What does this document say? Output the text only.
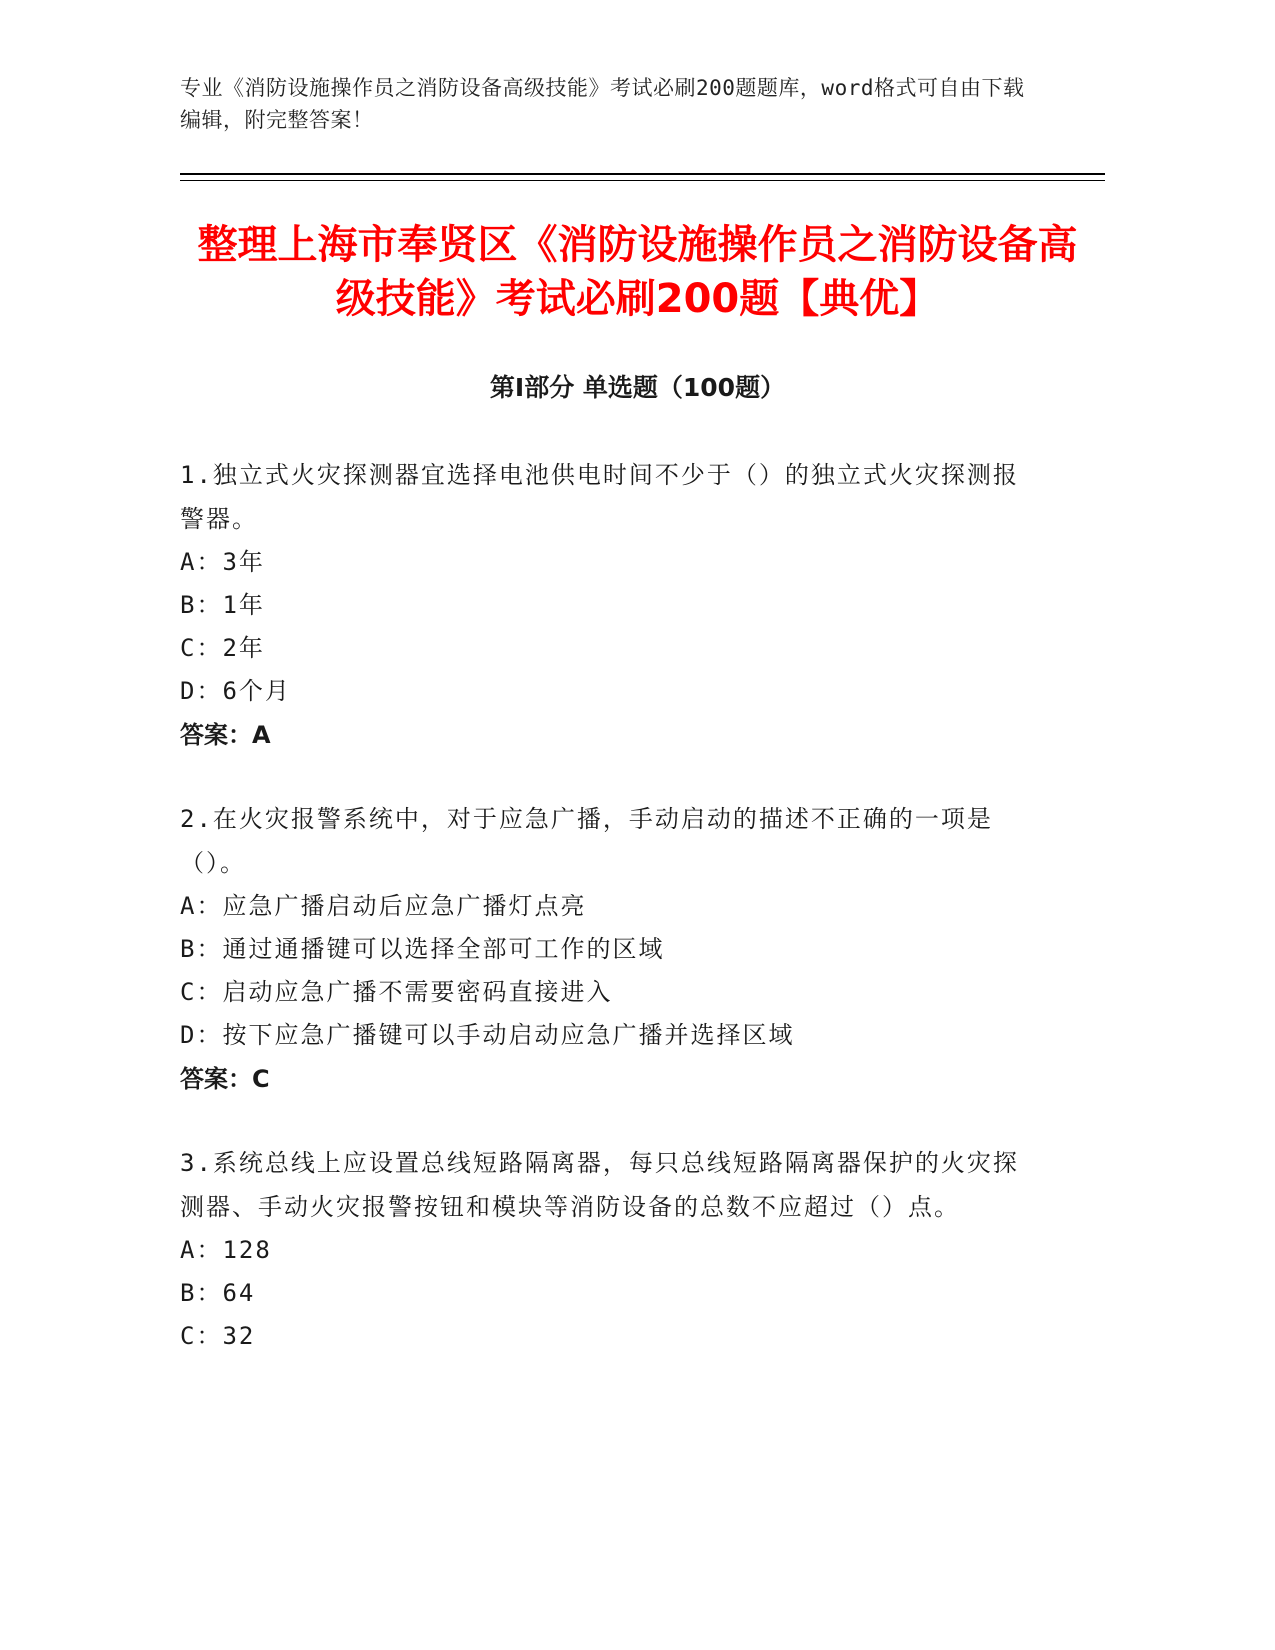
专业《消防设施操作员之消防设备高级技能》考试必刷200题题库，word格式可自由下载编辑，附完整答案！
整理上海市奉贤区《消防设施操作员之消防设备高级技能》考试必刷200题【典优】
第Ⅰ部分 单选题（100题）
1.独立式火灾探测器宜选择电池供电时间不少于（）的独立式火灾探测报警器。
A：3年
B：1年
C：2年
D：6个月
答案：A
2.在火灾报警系统中，对于应急广播，手动启动的描述不正确的一项是（）。
A：应急广播启动后应急广播灯点亮
B：通过通播键可以选择全部可工作的区域
C：启动应急广播不需要密码直接进入
D：按下应急广播键可以手动启动应急广播并选择区域
答案：C
3.系统总线上应设置总线短路隔离器，每只总线短路隔离器保护的火灾探测器、手动火灾报警按钮和模块等消防设备的总数不应超过（）点。
A：128
B：64
C：32
